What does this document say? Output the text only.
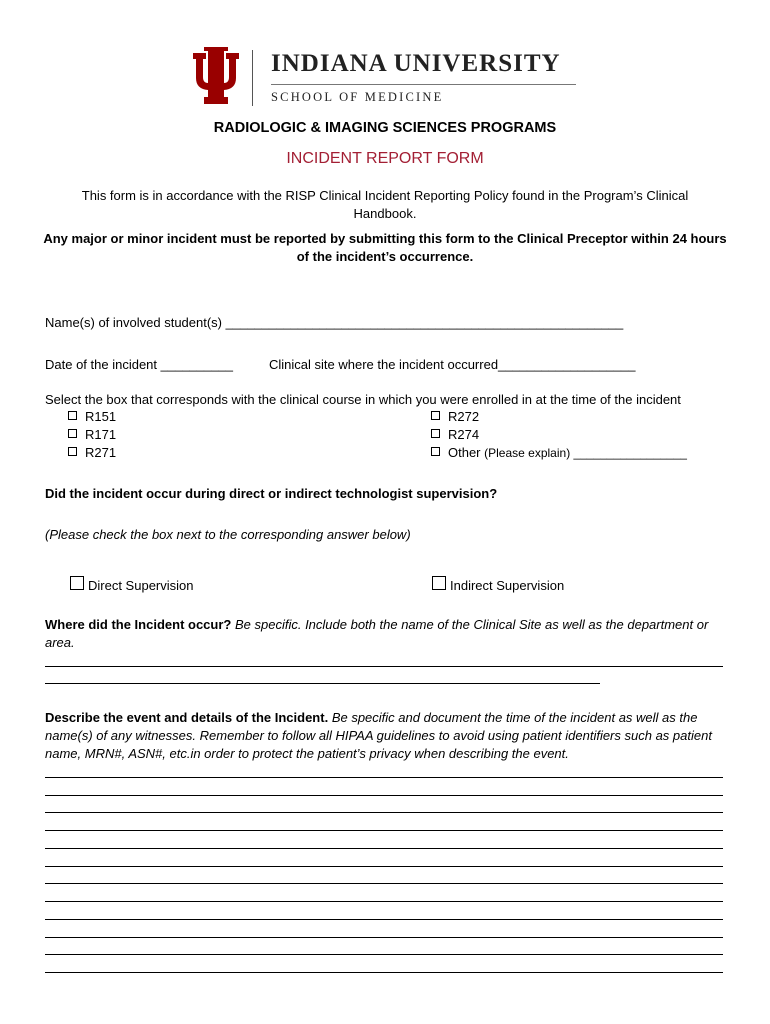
INDIANA UNIVERSITY
SCHOOL OF MEDICINE
RADIOLOGIC & IMAGING SCIENCES PROGRAMS
INCIDENT REPORT FORM
This form is in accordance with the RISP Clinical Incident Reporting Policy found in the Program’s Clinical Handbook.
Any major or minor incident must be reported by submitting this form to the Clinical Preceptor within 24 hours of the incident’s occurrence.
Name(s) of involved student(s) _______________________________________________________
Date of the incident __________	Clinical site where the incident occurred___________________
Select the box that corresponds with the clinical course in which you were enrolled in at the time of the incident
R151
R171
R271
R272
R274
Other (Please explain) _________________
Did the incident occur during direct or indirect technologist supervision?
(Please check the box next to the corresponding answer below)
Direct Supervision	Indirect Supervision
Where did the Incident occur? Be specific. Include both the name of the Clinical Site as well as the department or area.
Describe the event and details of the Incident. Be specific and document the time of the incident as well as the name(s) of any witnesses. Remember to follow all HIPAA guidelines to avoid using patient identifiers such as patient name, MRN#, ASN#, etc.in order to protect the patient’s privacy when describing the event.
